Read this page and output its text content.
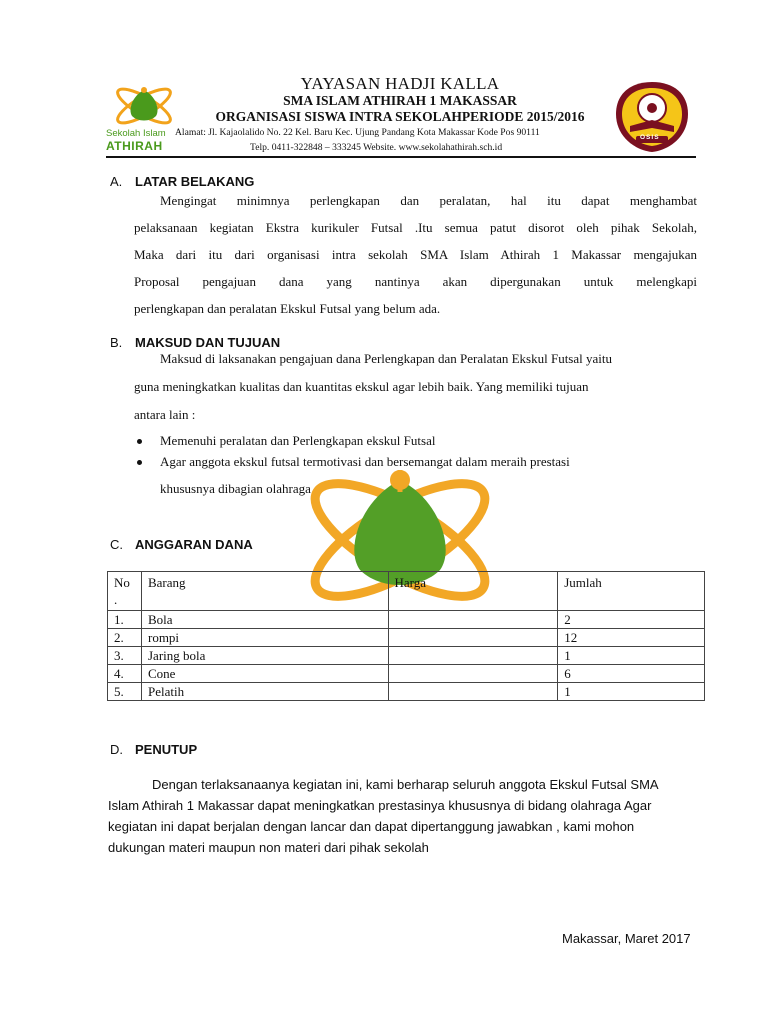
Sekolah Islam
ATHIRAH
YAYASAN HADJI KALLA
SMA ISLAM ATHIRAH 1 MAKASSAR
ORGANISASI SISWA INTRA SEKOLAHPERIODE 2015/2016
Alamat: Jl. Kajaolalido No. 22 Kel. Baru Kec. Ujung Pandang Kota Makassar Kode Pos 90111
Telp. 0411-322848 – 333245 Website. www.sekolahathirah.sch.id
OSIS
A. LATAR BELAKANG
Mengingat minimnya perlengkapan dan peralatan, hal itu dapat menghambat
pelaksanaan kegiatan Ekstra kurikuler Futsal .Itu semua patut disorot oleh pihak Sekolah,
Maka dari itu dari organisasi intra sekolah SMA Islam Athirah 1 Makassar mengajukan
Proposal pengajuan dana yang nantinya akan dipergunakan untuk melengkapi
perlengkapan dan peralatan Ekskul Futsal yang belum ada.
B. MAKSUD DAN TUJUAN
Maksud di laksanakan pengajuan dana Perlengkapan dan Peralatan Ekskul Futsal yaitu
guna meningkatkan kualitas dan kuantitas ekskul agar lebih baik. Yang memiliki tujuan
antara lain :
Memenuhi peralatan dan Perlengkapan ekskul Futsal
Agar anggota ekskul futsal termotivasi dan bersemangat dalam meraih prestasi
khususnya dibagian olahraga
C. ANGGARAN DANA
No
.	Barang	Harga	Jumlah
1.	Bola		2
2.	rompi		12
3.	Jaring bola		1
4.	Cone		6
5.	Pelatih		1
D. PENUTUP
Dengan terlaksanaanya kegiatan ini, kami berharap seluruh anggota Ekskul Futsal SMA
Islam Athirah 1 Makassar dapat meningkatkan prestasinya khususnya di bidang olahraga Agar
kegiatan ini dapat berjalan dengan lancar dan dapat dipertanggung jawabkan , kami mohon
dukungan materi maupun non materi dari pihak sekolah
Makassar, Maret 2017
